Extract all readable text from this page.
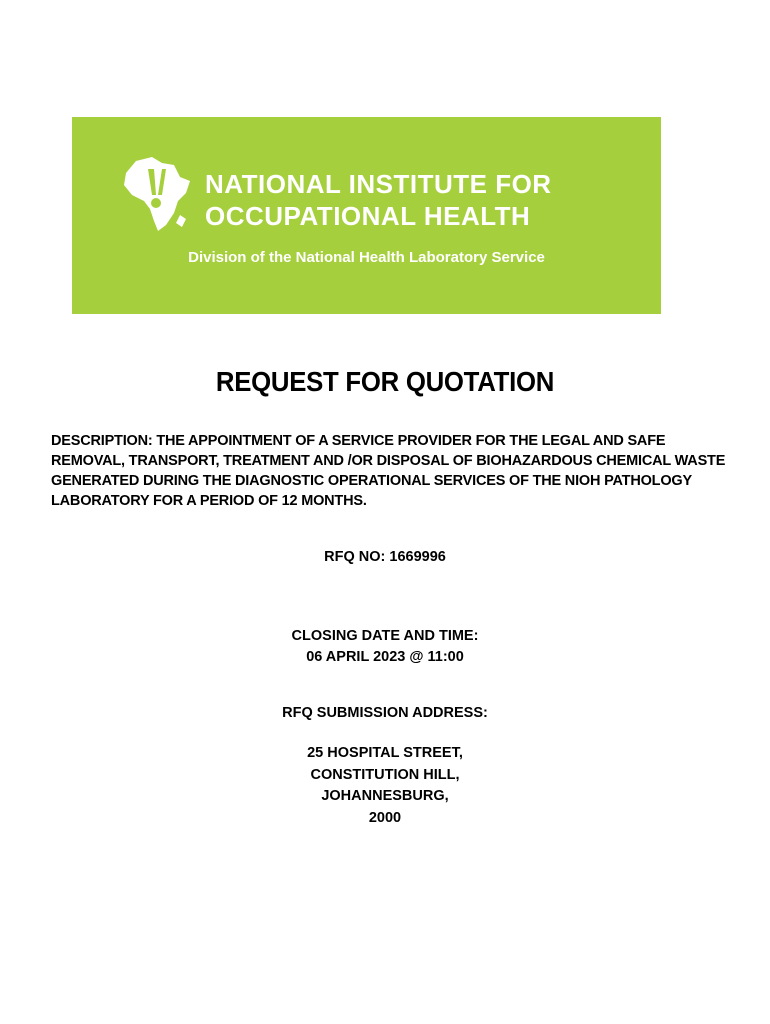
NATIONAL INSTITUTE FOR
OCCUPATIONAL HEALTH
Division of the National Health Laboratory Service
REQUEST FOR QUOTATION
DESCRIPTION: THE APPOINTMENT OF A SERVICE PROVIDER FOR THE LEGAL AND SAFE REMOVAL, TRANSPORT, TREATMENT AND /OR DISPOSAL OF BIOHAZARDOUS CHEMICAL WASTE GENERATED DURING THE DIAGNOSTIC OPERATIONAL SERVICES OF THE NIOH PATHOLOGY LABORATORY FOR A PERIOD OF 12 MONTHS.
RFQ NO: 1669996
CLOSING DATE AND TIME:
06 APRIL 2023 @ 11:00
RFQ SUBMISSION ADDRESS:
25 HOSPITAL STREET,
CONSTITUTION HILL,
JOHANNESBURG,
2000
